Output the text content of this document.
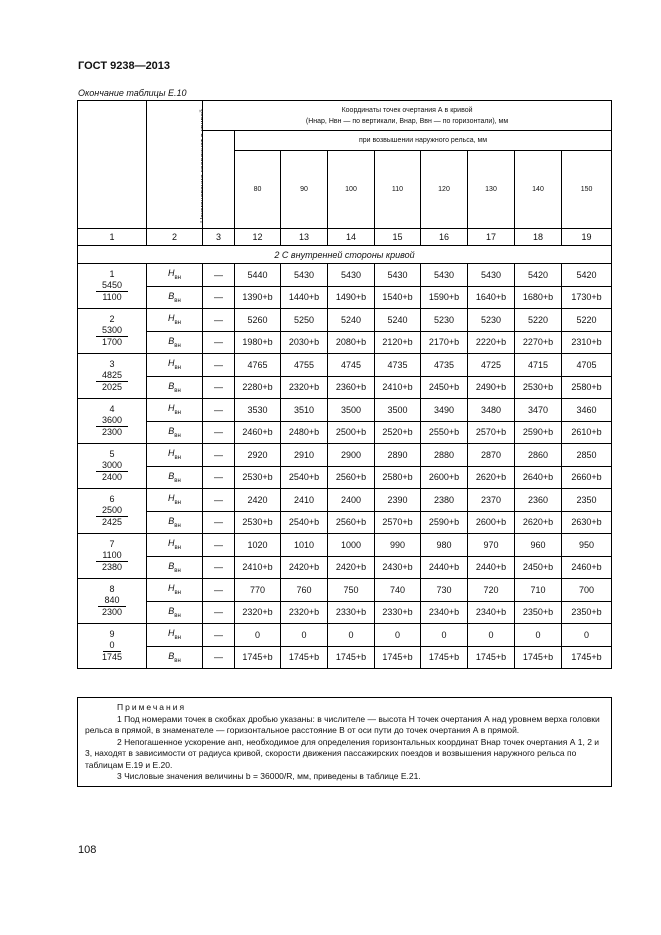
ГОСТ 9238—2013
Окончание таблицы Е.10
	Наименование координат кривой	Координаты точек очертания А в кривой
(Hнар, Hвн — по вертикали, Bнар, Bвн — по горизонтали), мм								

	при возвышении наружного рельса, мм							
			80	90	100	110	120	130	140	150
1	2	3	12	13	14	15	16	17	18	19
2 С внутренней стороны кривой										

1
5450
1100	$H_{вн}$	—	5440	5430	5430	5430	5430	5430	5420	5420
	$B_{вн}$	—	1390+b	1440+b	1490+b	1540+b	1590+b	1640+b	1680+b	1730+b

2
5300
1700	$H_{вн}$	—	5260	5250	5240	5240	5230	5230	5220	5220
	$B_{вн}$	—	1980+b	2030+b	2080+b	2120+b	2170+b	2220+b	2270+b	2310+b

3
4825
2025	$H_{вн}$	—	4765	4755	4745	4735	4735	4725	4715	4705
	$B_{вн}$	—	2280+b	2320+b	2360+b	2410+b	2450+b	2490+b	2530+b	2580+b

4
3600
2300	$H_{вн}$	—	3530	3510	3500	3500	3490	3480	3470	3460
	$B_{вн}$	—	2460+b	2480+b	2500+b	2520+b	2550+b	2570+b	2590+b	2610+b

5
3000
2400	$H_{вн}$	—	2920	2910	2900	2890	2880	2870	2860	2850
	$B_{вн}$	—	2530+b	2540+b	2560+b	2580+b	2600+b	2620+b	2640+b	2660+b

6
2500
2425	$H_{вн}$	—	2420	2410	2400	2390	2380	2370	2360	2350
	$B_{вн}$	—	2530+b	2540+b	2560+b	2570+b	2590+b	2600+b	2620+b	2630+b

7
1100
2380	$H_{вн}$	—	1020	1010	1000	990	980	970	960	950
	$B_{вн}$	—	2410+b	2420+b	2420+b	2430+b	2440+b	2440+b	2450+b	2460+b

8
840
2300	$H_{вн}$	—	770	760	750	740	730	720	710	700
	$B_{вн}$	—	2320+b	2320+b	2330+b	2330+b	2340+b	2340+b	2350+b	2350+b

9
0
1745	$H_{вн}$	—	0	0	0	0	0	0	0	0
	$B_{вн}$	—	1745+b	1745+b	1745+b	1745+b	1745+b	1745+b	1745+b	1745+b

Примечания

1 Под номерами точек в скобках дробью указаны: в числителе — высота H точек очертания А над уровнем верха головки рельса в прямой, в знаменателе — горизонтальное расстояние B от оси пути до точек очертания А в прямой.

2 Непогашенное ускорение aнп, необходимое для определения горизонтальных координат Bнар точек очертания А 1, 2 и 3, находят в зависимости от радиуса кривой, скорости движения пассажирских поездов и возвышения наружного рельса по таблицам Е.19 и Е.20.

3 Числовые значения величины b = 36000/R, мм, приведены в таблице Е.21.

108
